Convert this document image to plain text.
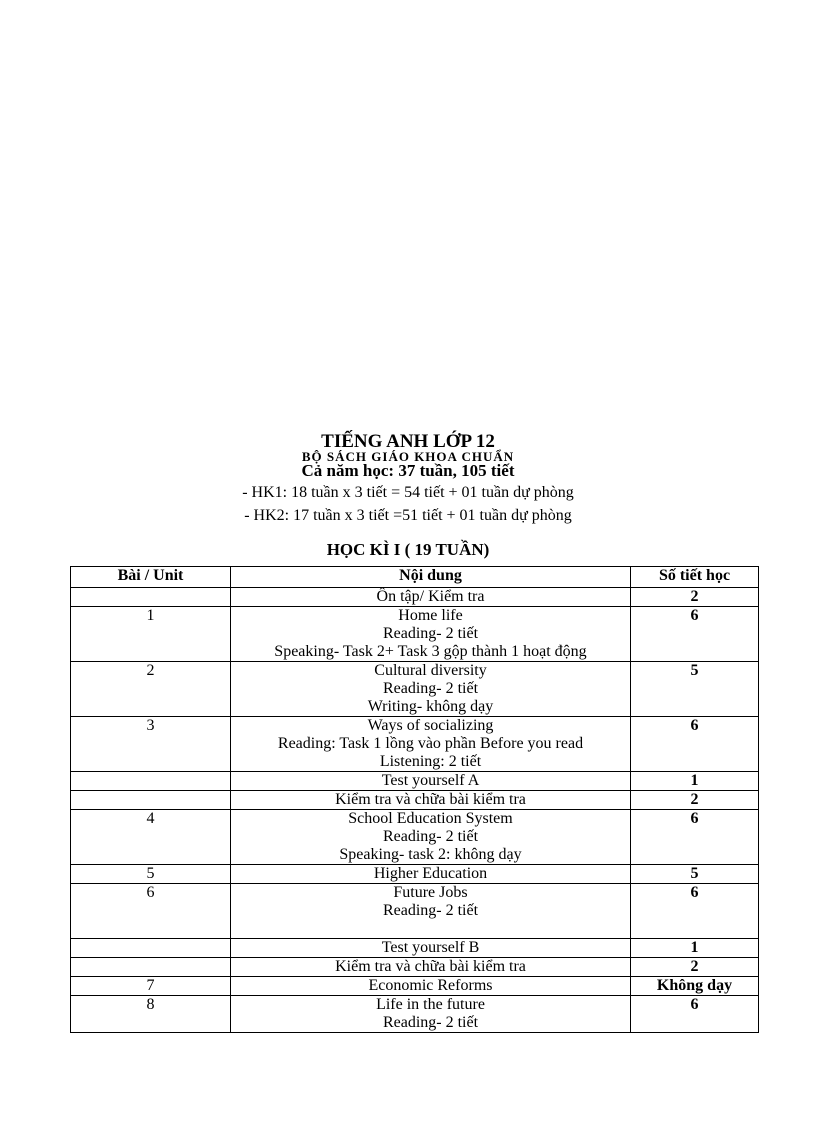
TIẾNG ANH LỚP 12
BỘ SÁCH GIÁO KHOA CHUẨN
Cả năm học: 37 tuần, 105 tiết
- HK1: 18 tuần x 3 tiết = 54 tiết + 01 tuần dự phòng
- HK2: 17 tuần x 3 tiết =51 tiết + 01 tuần dự phòng
HỌC KÌ I ( 19 TUẦN)
Bài / Unit	Nội dung	Số tiết học

	Ôn tập/ Kiểm tra	2
1	Home life
Reading- 2 tiết
Speaking- Task 2+ Task 3 gộp thành 1 hoạt động	6
2	Cultural diversity
Reading- 2 tiết
Writing- không dạy	5
3	Ways of socializing
Reading: Task 1 lồng vào phần Before you read
Listening: 2 tiết	6

	Test yourself A	1

	Kiểm tra và chữa bài kiểm tra	2
4	School Education System
Reading- 2 tiết
Speaking- task 2: không dạy	6
5	Higher Education	5
6	Future Jobs
Reading- 2 tiết	6

	Test yourself B	1

	Kiểm tra và chữa bài kiểm tra	2
7	Economic Reforms	Không dạy
8	Life in the future
Reading- 2 tiết	6
